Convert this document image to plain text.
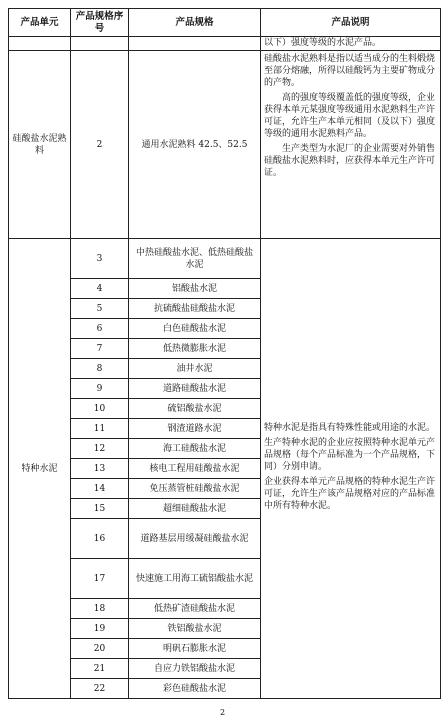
产品单元	产品规格序号	产品规格	产品说明
			以下）强度等级的水泥产品。
硅酸盐水泥熟料	2	通用水泥熟料 42.5、52.5	硅酸盐水泥熟料是指以适当成分的生料煅烧至部分熔融，所得以硅酸钙为主要矿物成分的产物。

高的强度等级覆盖低的强度等级，企业获得本单元某强度等级通用水泥熟料生产许可证，允许生产本单元相同（及以下）强度等级的通用水泥熟料产品。

生产类型为水泥厂的企业需要对外销售硅酸盐水泥熟料时，应获得本单元生产许可证。

特种水泥	3	中热硅酸盐水泥、低热硅酸盐水泥	特种水泥是指具有特殊性能或用途的水泥。

生产特种水泥的企业应按照特种水泥单元产品规格（每个产品标准为一个产品规格，下同）分别申请。

企业获得本单元产品规格的特种水泥生产许可证，允许生产该产品规格对应的产品标准中所有特种水泥。

	4	铝酸盐水泥	
	5	抗硫酸盐硅酸盐水泥	
	6	白色硅酸盐水泥	
	7	低热微膨胀水泥	
	8	油井水泥	
	9	道路硅酸盐水泥	
	10	硫铝酸盐水泥	
	11	钢渣道路水泥	
	12	海工硅酸盐水泥	
	13	核电工程用硅酸盐水泥	
	14	免压蒸管桩硅酸盐水泥	
	15	超细硅酸盐水泥	
	16	道路基层用缓凝硅酸盐水泥	
	17	快速施工用海工硫铝酸盐水泥	
	18	低热矿渣硅酸盐水泥	
	19	铁铝酸盐水泥	
	20	明矾石膨胀水泥	
	21	自应力铁铝酸盐水泥	
	22	彩色硅酸盐水泥	
2
